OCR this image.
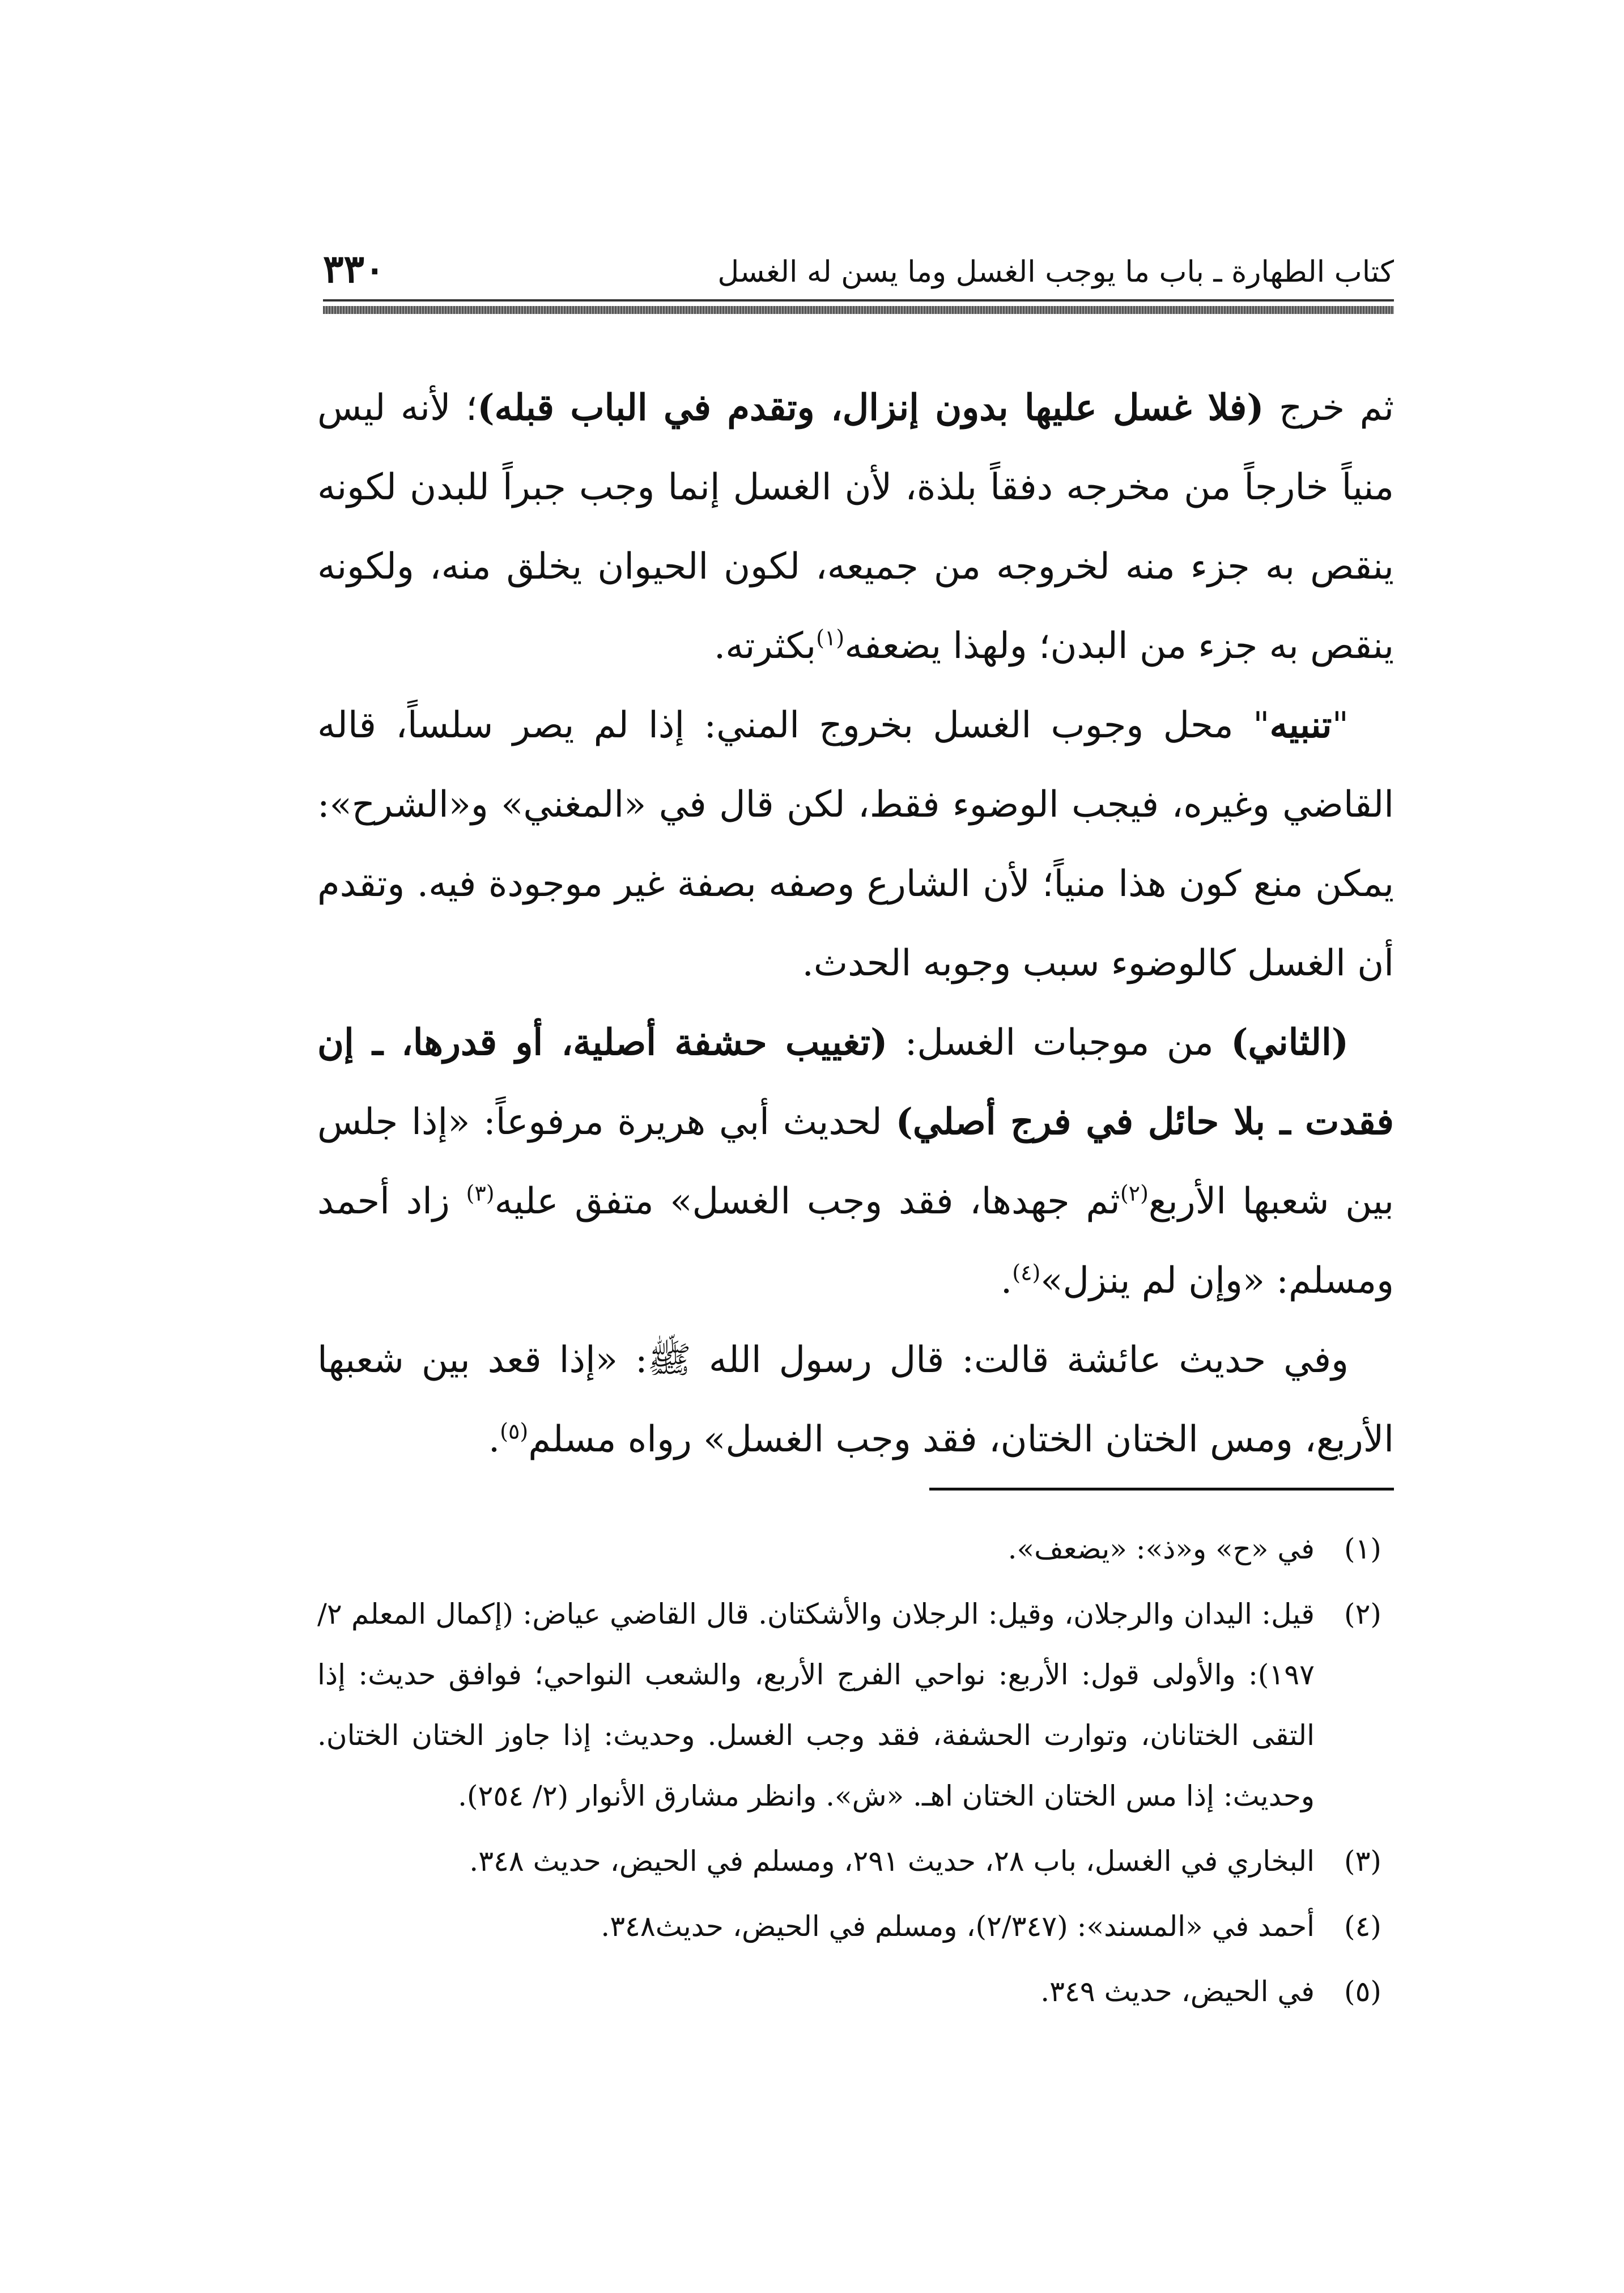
كتاب الطهارة ـ باب ما يوجب الغسل وما يسن له الغسل
٣٣٠

ثم خرج (فلا غسل عليها بدون إنزال، وتقدم في الباب قبله)؛ لأنه ليس منياً خارجاً من مخرجه دفقاً بلذة، لأن الغسل إنما وجب جبراً للبدن لكونه ينقص به جزء منه لخروجه من جميعه، لكون الحيوان يخلق منه، ولكونه ينقص به جزء من البدن؛ ولهذا يضعفه$^{(١)}$بكثرته.

"تنبيه" محل وجوب الغسل بخروج المني: إذا لم يصر سلساً، قاله القاضي وغيره، فيجب الوضوء فقط، لكن قال في «المغني» و«الشرح»: يمكن منع كون هذا منياً؛ لأن الشارع وصفه بصفة غير موجودة فيه. وتقدم أن الغسل كالوضوء سبب وجوبه الحدث.

(الثاني) من موجبات الغسل: (تغييب حشفة أصلية، أو قدرها، ـ إن فقدت ـ بلا حائل في فرج أصلي) لحديث أبي هريرة مرفوعاً: «إذا جلس بين شعبها الأربع$^{(٢)}$ثم جهدها، فقد وجب الغسل» متفق عليه$^{(٣)}$ زاد أحمد ومسلم: «وإن لم ينزل»$^{(٤)}$.

وفي حديث عائشة قالت: قال رسول الله ﷺ: «إذا قعد بين شعبها الأربع، ومس الختان الختان، فقد وجب الغسل» رواه مسلم$^{(٥)}$.

(١)
في «ح» و«ذ»: «يضعف».
(٢)
قيل: اليدان والرجلان، وقيل: الرجلان والأشكتان. قال القاضي عياض: (إكمال المعلم ٢/ ١٩٧): والأولى قول: الأربع: نواحي الفرج الأربع، والشعب النواحي؛ فوافق حديث: إذا التقى الختانان، وتوارت الحشفة، فقد وجب الغسل. وحديث: إذا جاوز الختان الختان. وحديث: إذا مس الختان الختان اهـ. «ش». وانظر مشارق الأنوار (٢/ ٢٥٤).
(٣)
البخاري في الغسل، باب ٢٨، حديث ٢٩١، ومسلم في الحيض، حديث ٣٤٨.
(٤)
أحمد في «المسند»: (٢/٣٤٧)، ومسلم في الحيض، حديث٣٤٨.
(٥)
في الحيض، حديث ٣٤٩.
